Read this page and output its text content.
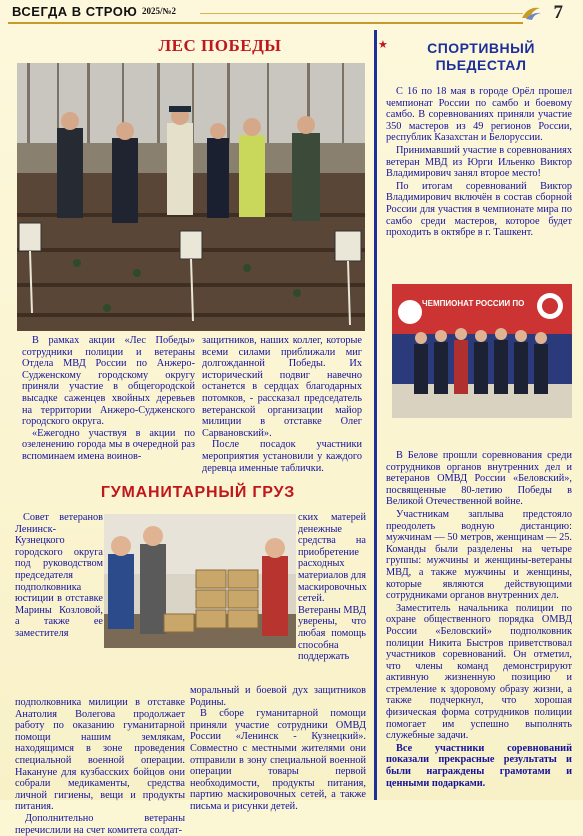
ВСЕГДА В СТРОЮ 2025/№2	7
ЛЕС ПОБЕДЫ

В рамках акции «Лес Победы» сотрудники полиции и ветераны Отдела МВД России по Анжеро-Судженскому городскому округу приняли участие в общегородской высадке саженцев хвойных деревьев на территории Анжеро-Судженского городского округа.

«Ежегодно участвуя в акции по озеленению города мы в очередной раз вспоминаем имена воинов-

защитников, наших коллег, которые всеми силами приближали миг долгожданной Победы. Их исторический подвиг навечно останется в сердцах благодарных потомков, - рассказал председатель ветеранской организации майор милиции в отставке Олег Сарвановский».

После посадок участники мероприятия установили у каждого деревца именные таблички.

ГУМАНИТАРНЫЙ ГРУЗ

Совет ветеранов Ленинск-Кузнецкого городского округа под руководством председателя подполковника юстиции в отставке Марины Козловой, а также ее заместителя

ских матерей денежные средства на приобретение расходных материалов для маскировочных сетей. Ветераны МВД уверены, что любая помощь способна поддержать

подполковника милиции в отставке Анатолия Волегова продолжает работу по оказанию гуманитарной помощи нашим землякам, находящимся в зоне проведения специальной военной операции. Накануне для кузбасских бойцов они собрали медикаменты, средства личной гигиены, вещи и продукты питания.

Дополнительно ветераны перечислили на счет комитета солдат-

моральный и боевой дух защитников Родины.

В сборе гуманитарной помощи приняли участие сотрудники ОМВД России «Ленинск - Кузнецкий». Совместно с местными жителями они отправили в зону специальной военной операции товары первой необходимости, продукты питания, партию маскировочных сетей, а также письма и рисунки детей.

★	СПОРТИВНЫЙ
ПЬЕДЕСТАЛ

С 16 по 18 мая в городе Орёл прошел чемпионат России по самбо и боевому самбо. В соревнованиях приняли участие 350 мастеров из 49 регионов России, республик Казахстан и Белоруссии.

Принимавший участие в соревнованиях ветеран МВД из Юрги Ильенко Виктор Владимирович занял второе место!

По итогам соревнований Виктор Владимирович включён в состав сборной России для участия в чемпионате мира по самбо среди мастеров, которое будет проходить в октябре в г. Ташкент.

ЧЕМПИОНАТ РОССИИ ПО

В Белове прошли соревнования среди сотрудников органов внутренних дел и ветеранов ОМВД России «Беловский», посвященные 80-летию Победы в Великой Отечественной войне.

Участникам заплыва предстояло преодолеть водную дистанцию: мужчинам — 50 метров, женщинам — 25. Команды были разделены на четыре группы: мужчины и женщины-ветераны МВД, а также мужчины и женщины, которые являются действующими сотрудниками органов внутренних дел.

Заместитель начальника полиции по охране общественного порядка ОМВД России «Беловский» подполковник полиции Никита Быстров приветствовал участников соревнований. Он отметил, что члены команд демонстрируют активную жизненную позицию и стремление к здоровому образу жизни, а также подчеркнул, что хорошая физическая форма сотрудников полиции помогает им успешно выполнять служебные задачи.

Все участники соревнований показали прекрасные результаты и были награждены грамотами и ценными подарками.
